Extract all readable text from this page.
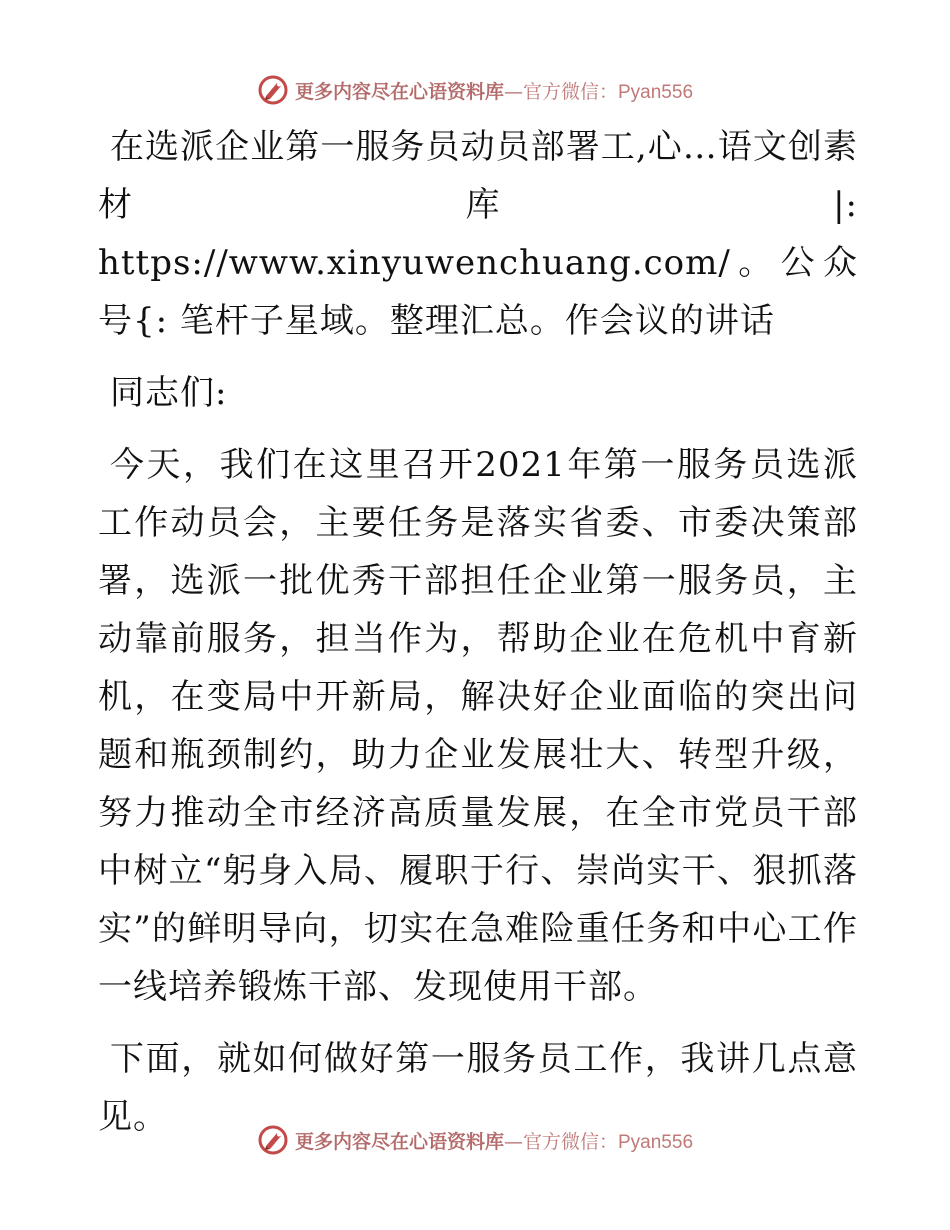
更多内容尽在心语资料库—官方微信：Pyan556

在选派企业第一服务员动员部署工,心…语文创素材库|: https://www.xinyuwenchuang.com/。公众号{: 笔杆子星域。整理汇总。作会议的讲话

同志们:

今天，我们在这里召开2021年第一服务员选派工作动员会，主要任务是落实省委、市委决策部署，选派一批优秀干部担任企业第一服务员，主动靠前服务，担当作为，帮助企业在危机中育新机，在变局中开新局，解决好企业面临的突出问题和瓶颈制约，助力企业发展壮大、转型升级，努力推动全市经济高质量发展，在全市党员干部中树立“躬身入局、履职于行、崇尚实干、狠抓落实”的鲜明导向，切实在急难险重任务和中心工作一线培养锻炼干部、发现使用干部。

下面，就如何做好第一服务员工作，我讲几点意见。

更多内容尽在心语资料库—官方微信：Pyan556
